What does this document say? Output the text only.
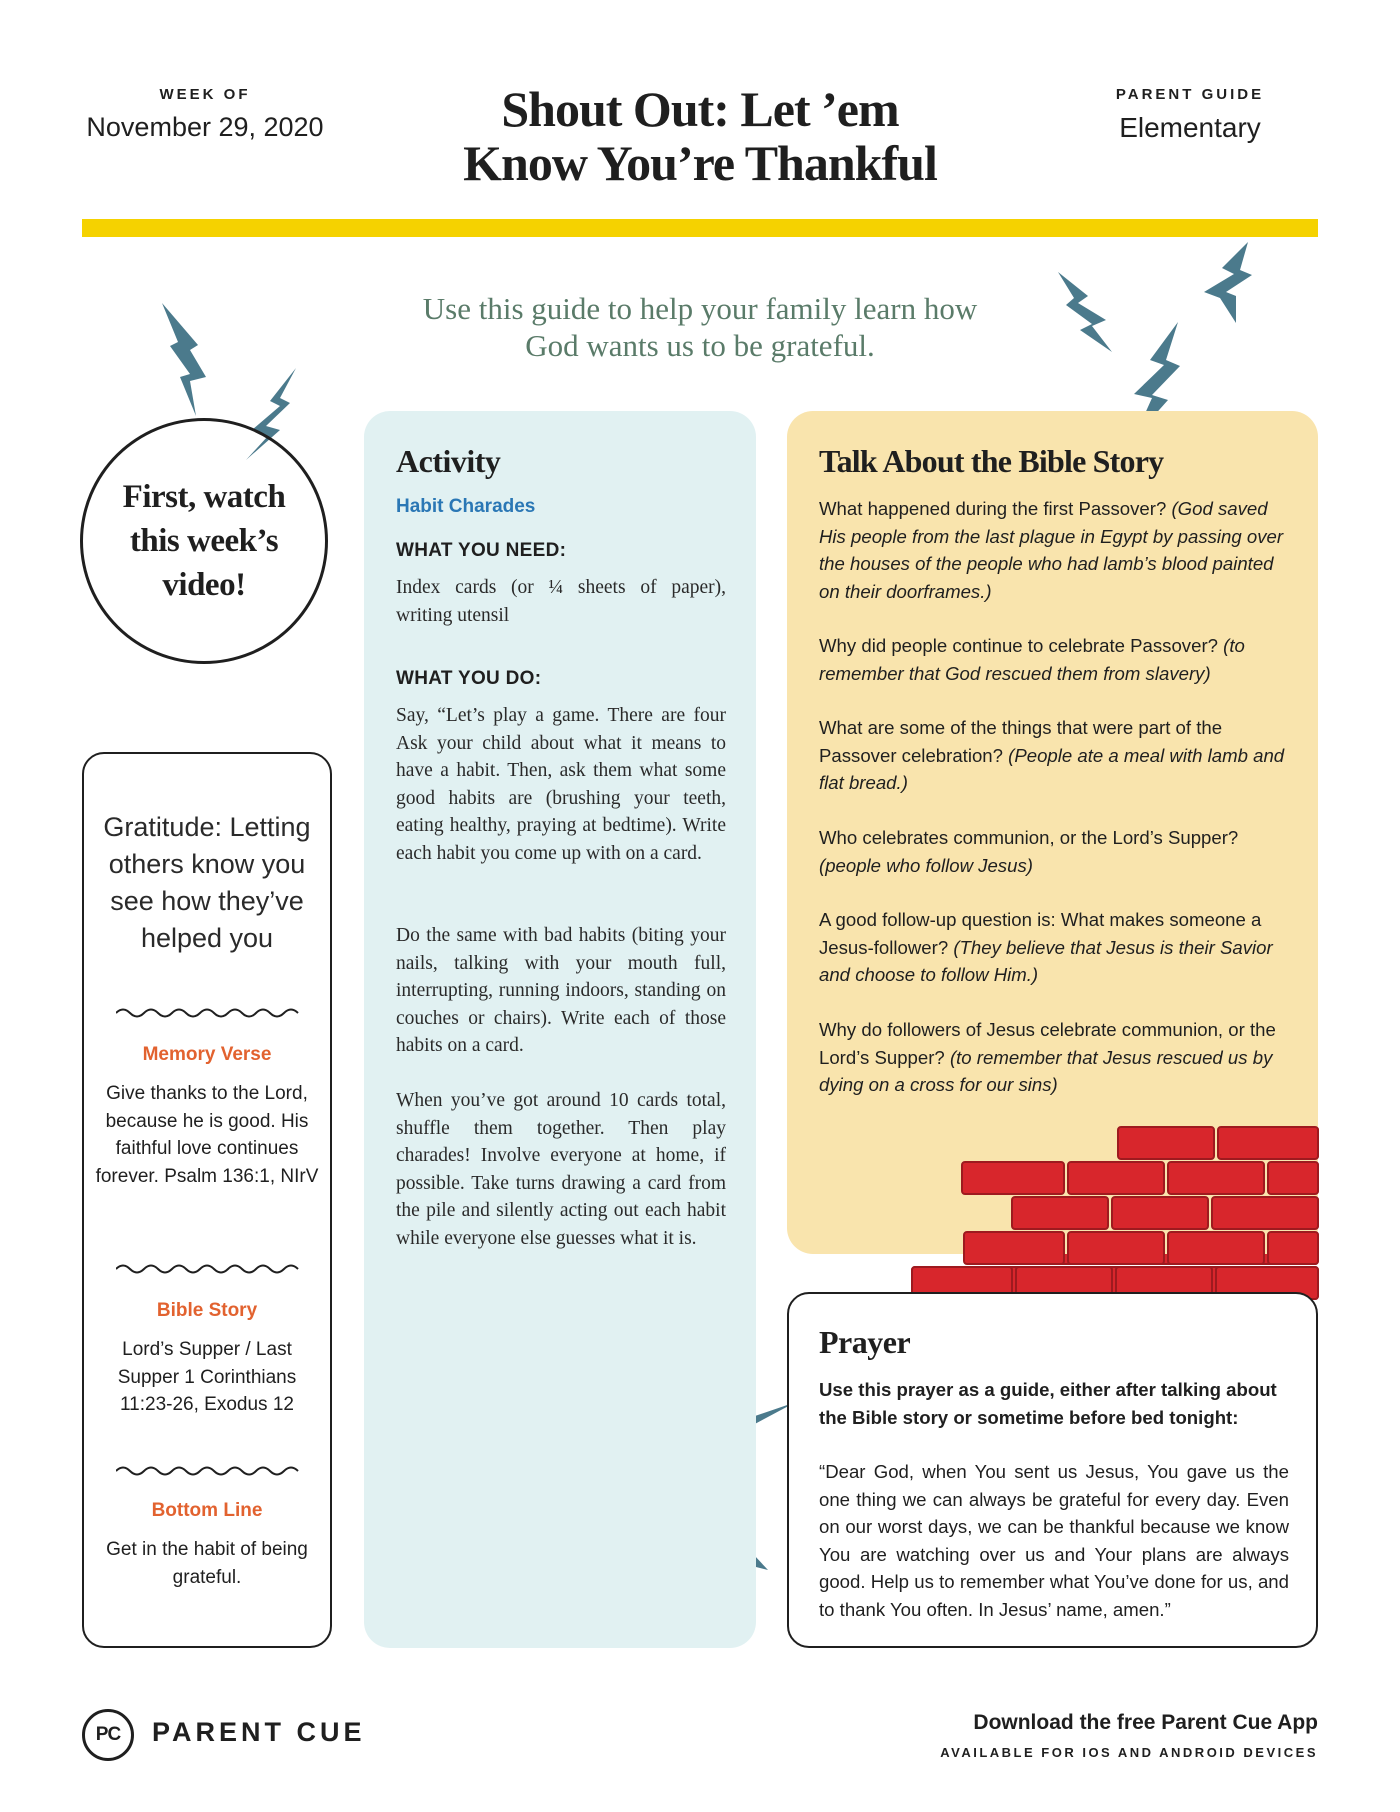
WEEK OF
November 29, 2020	Shout Out: Let ’em
Know You’re Thankful
PARENT GUIDE
Elementary
Use this guide to help your family learn how
God wants us to be grateful.
First, watch this week’s video!
Gratitude: Letting others know you see how they’ve helped you
Memory Verse
Give thanks to the Lord, because he is good. His faithful love continues forever. Psalm 136:1, NIrV
Bible Story
Lord’s Supper / Last Supper 1 Corinthians 11:23-26, Exodus 12
Bottom Line
Get in the habit of being grateful.
Activity
Habit Charades
WHAT YOU NEED:
Index cards (or ¼ sheets of paper), writing utensil
WHAT YOU DO:
Say, “Let’s play a game. There are four Ask your child about what it means to have a habit. Then, ask them what some good habits are (brushing your teeth, eating healthy, praying at bedtime). Write each habit you come up with on a card.
Do the same with bad habits (biting your nails, talking with your mouth full, interrupting, running indoors, standing on couches or chairs). Write each of those habits on a card.
When you’ve got around 10 cards total, shuffle them together. Then play charades! Involve everyone at home, if possible. Take turns drawing a card from the pile and silently acting out each habit while everyone else guesses what it is.
Talk About the Bible Story
What happened during the first Passover? (God saved His people from the last plague in Egypt by passing over the houses of the people who had lamb’s blood painted on their doorframes.)
Why did people continue to celebrate Passover? (to remember that God rescued them from slavery)
What are some of the things that were part of the Passover celebration? (People ate a meal with lamb and flat bread.)
Who celebrates communion, or the Lord’s Supper? (people who follow Jesus)
A good follow-up question is: What makes someone a Jesus-follower? (They believe that Jesus is their Savior and choose to follow Him.)
Why do followers of Jesus celebrate communion, or the Lord’s Supper? (to remember that Jesus rescued us by dying on a cross for our sins)
Prayer
Use this prayer as a guide, either after talking about the Bible story or sometime before bed tonight:
“Dear God, when You sent us Jesus, You gave us the one thing we can always be grateful for every day. Even on our worst days, we can be thankful because we know You are watching over us and Your plans are always good. Help us to remember what You’ve done for us, and to thank You often. In Jesus’ name, amen.”
PC	PARENT CUE	Download the free Parent Cue App
AVAILABLE FOR IOS AND ANDROID DEVICES
